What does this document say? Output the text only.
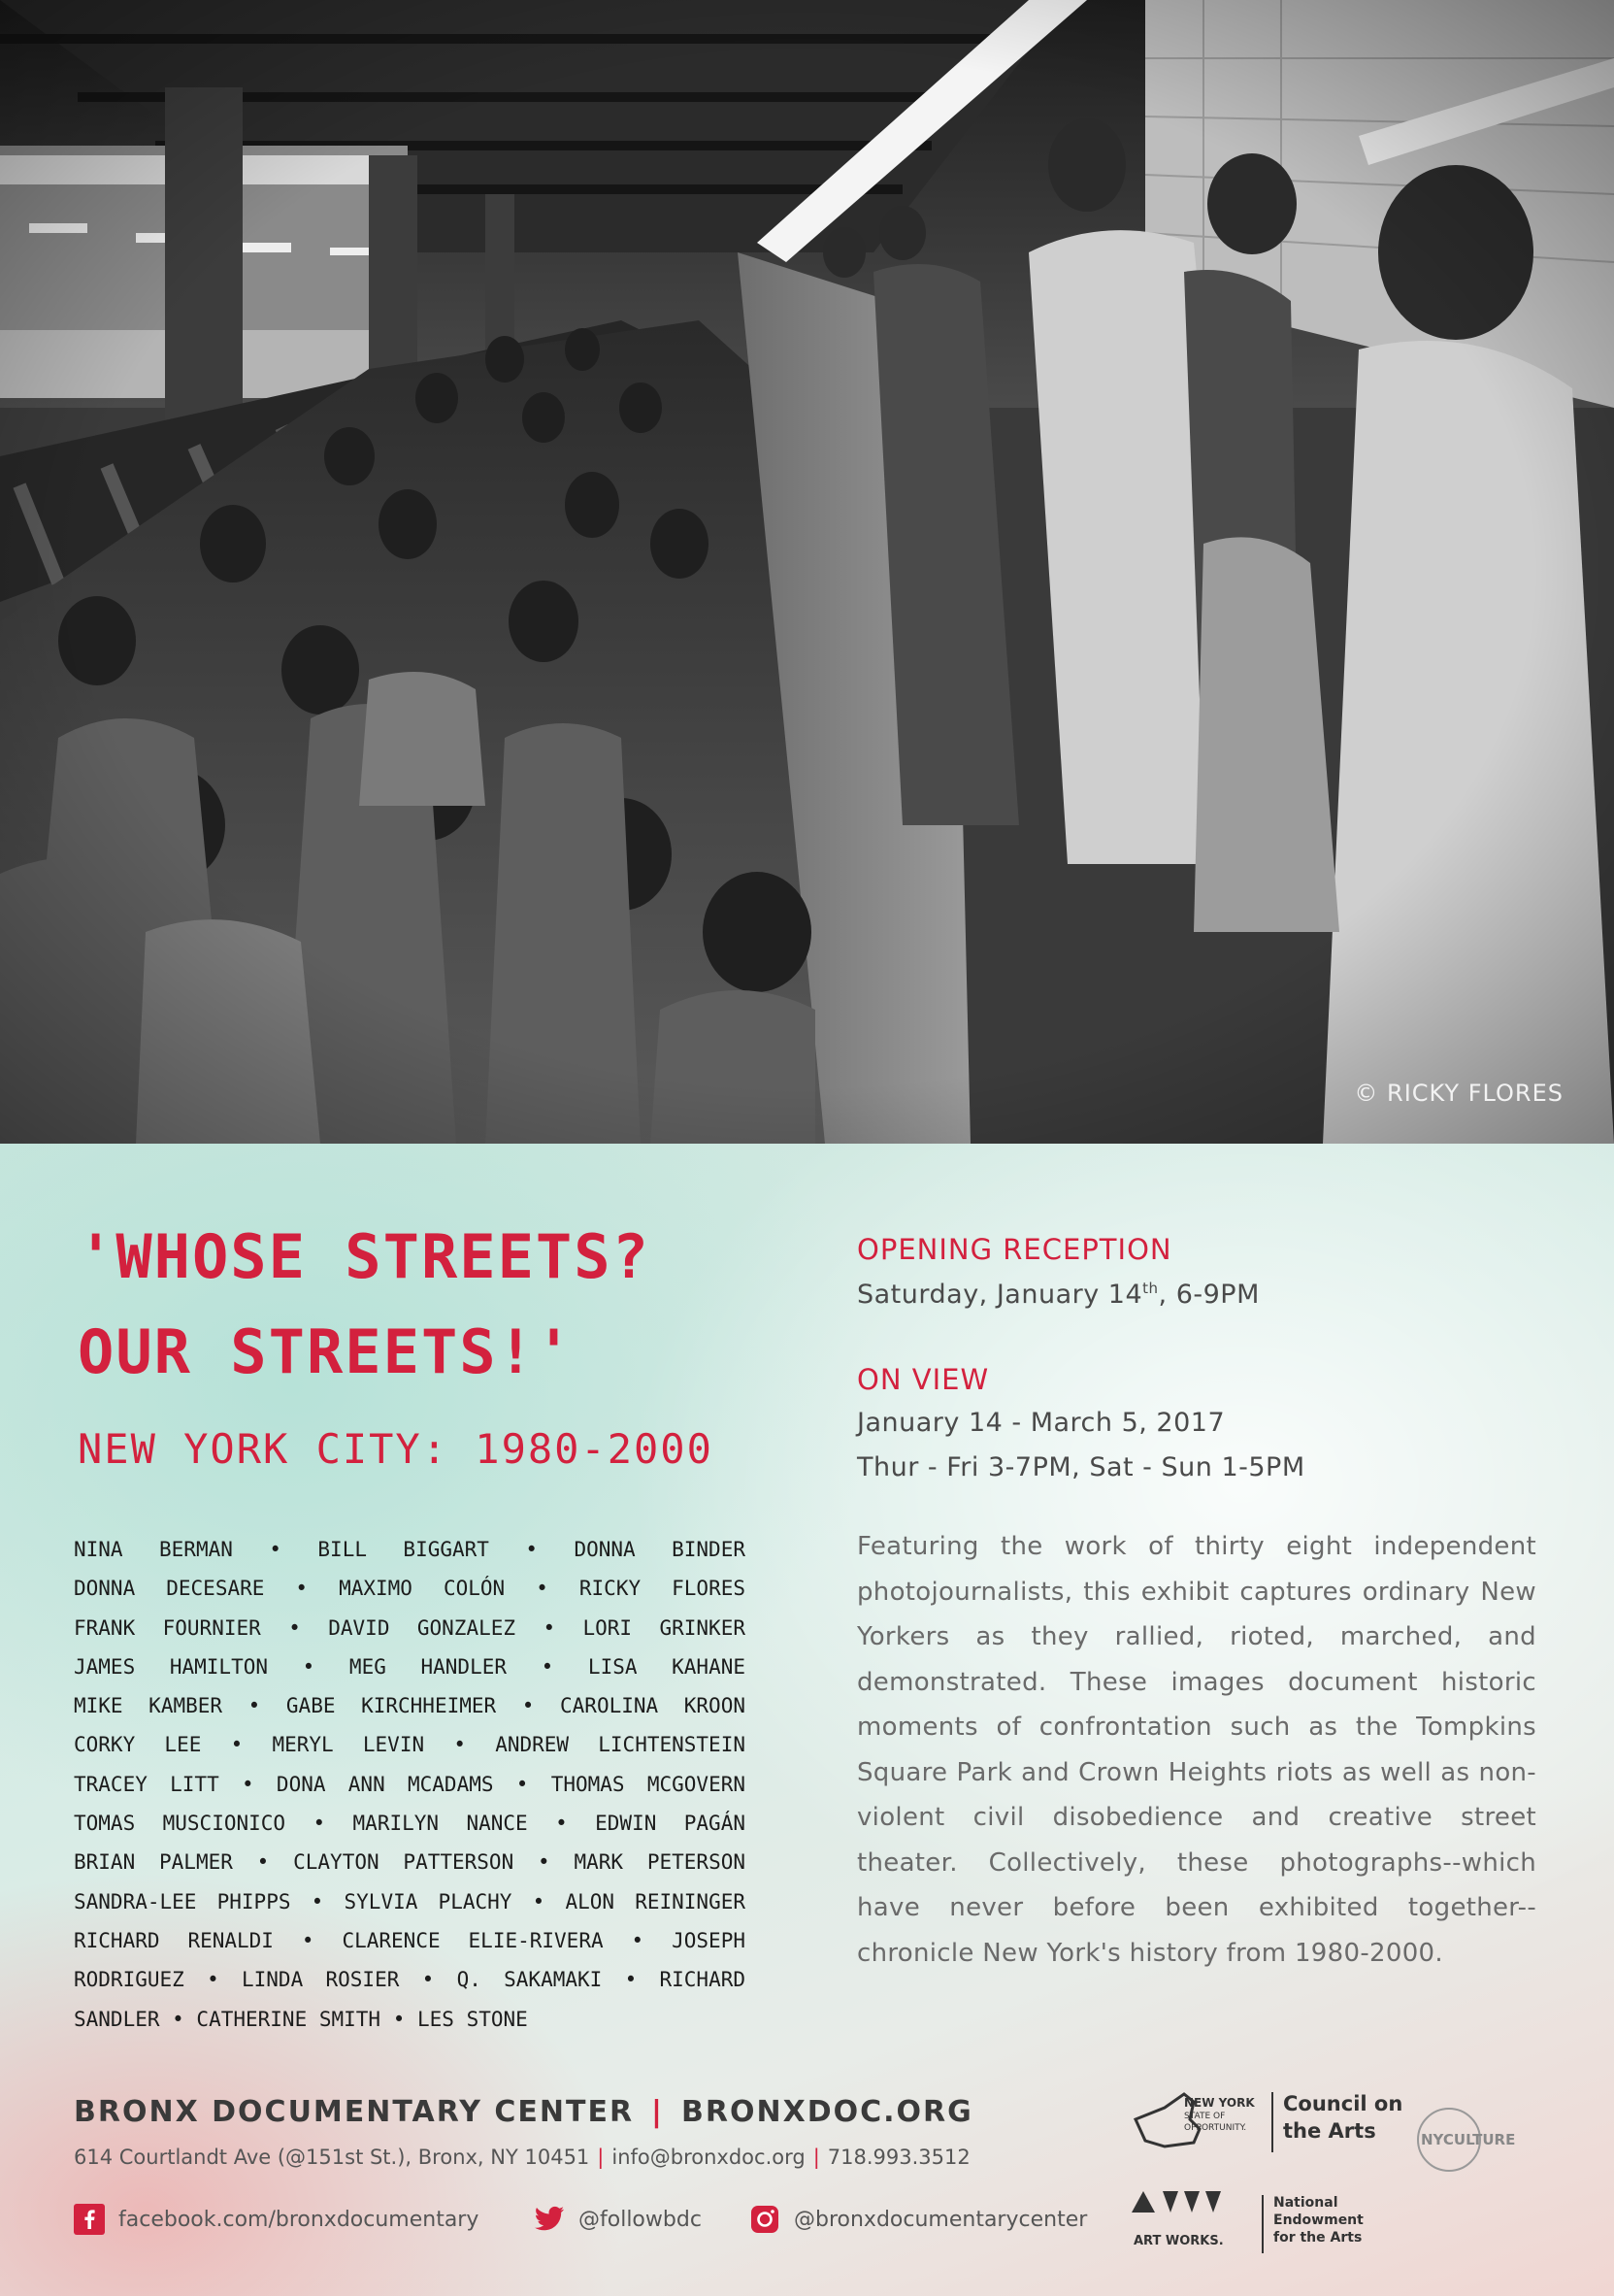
© RICKY FLORES
'WHOSE STREETS?
OUR STREETS!'
NEW YORK CITY: 1980-2000
NINA BERMAN • BILL BIGGART • DONNA BINDER
DONNA DECESARE • MAXIMO COLÓN • RICKY FLORES
FRANK FOURNIER • DAVID GONZALEZ • LORI GRINKER
JAMES HAMILTON • MEG HANDLER • LISA KAHANE
MIKE KAMBER • GABE KIRCHHEIMER • CAROLINA KROON
CORKY LEE • MERYL LEVIN • ANDREW LICHTENSTEIN
TRACEY LITT • DONA ANN MCADAMS • THOMAS MCGOVERN
TOMAS MUSCIONICO • MARILYN NANCE • EDWIN PAGÁN
BRIAN PALMER • CLAYTON PATTERSON • MARK PETERSON
SANDRA-LEE PHIPPS • SYLVIA PLACHY • ALON REININGER
RICHARD RENALDI • CLARENCE ELIE-RIVERA • JOSEPH
RODRIGUEZ • LINDA ROSIER • Q. SAKAMAKI • RICHARD
SANDLER • CATHERINE SMITH • LES STONE
OPENING RECEPTION
Saturday, January 14th, 6-9PM
ON VIEW
January 14 - March 5, 2017
Thur - Fri 3-7PM, Sat - Sun 1-5PM
Featuring the work of thirty eight independent photojournalists, this exhibit captures ordinary New Yorkers as they rallied, rioted, marched, and demonstrated. These images document historic moments of confrontation such as the Tompkins Square Park and Crown Heights riots as well as non-violent civil disobedience and creative street theater. Collectively, these photographs--which have never before been exhibited together-- chronicle New York's history from 1980-2000.
BRONX DOCUMENTARY CENTER | BRONXDOC.ORG
614 Courtlandt Ave (@151st St.), Bronx, NY 10451 | info@bronxdoc.org | 718.993.3512
facebook.com/bronxdocumentary	@followbdc	@bronxdocumentarycenter
NEW YORK
STATE OF
OPPORTUNITY.
Council on
the Arts	NYCULTURE
ART WORKS.
National
Endowment
for the Arts
